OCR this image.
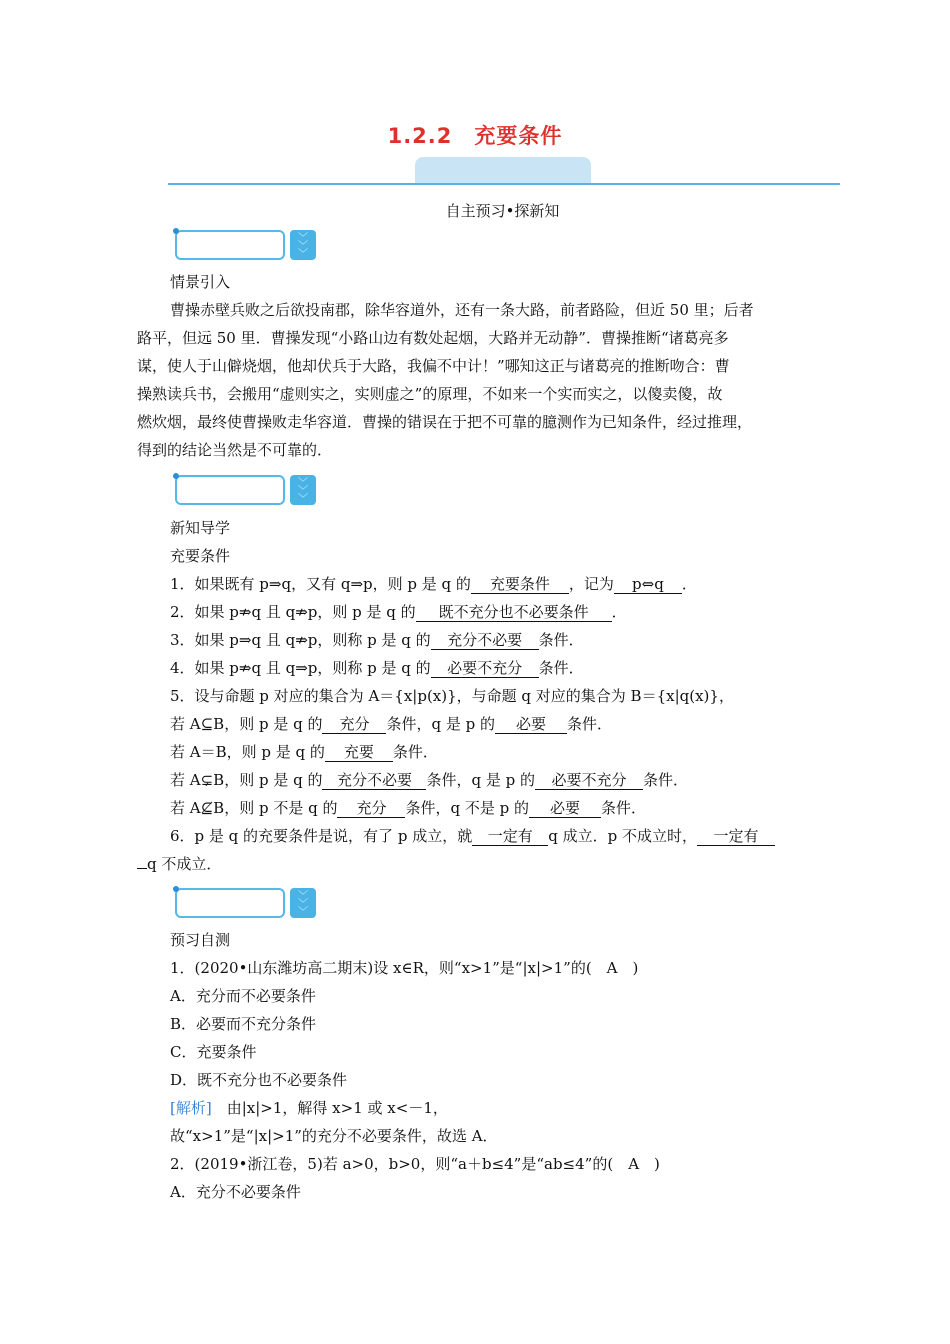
1.2.2　充要条件
自主预习•探新知
﹀
﹀
﹀
情景引入
曹操赤壁兵败之后欲投南郡，除华容道外，还有一条大路，前者路险，但近 50 里；后者
路平，但远 50 里．曹操发现“小路山边有数处起烟，大路并无动静”．曹操推断“诸葛亮多
谋，使人于山僻烧烟，他却伏兵于大路，我偏不中计！”哪知这正与诸葛亮的推断吻合：曹
操熟读兵书，会搬用“虚则实之，实则虚之”的原理，不如来一个实而实之，以傻卖傻，故
燃炊烟，最终使曹操败走华容道．曹操的错误在于把不可靠的臆测作为已知条件，经过推理，
得到的结论当然是不可靠的．
﹀
﹀
﹀
新知导学
充要条件
1．如果既有 p⇒q，又有 q⇒p，则 p 是 q 的 充要条件 ，记为 p⇔q ．
2．如果 p⇏q 且 q⇏p，则 p 是 q 的 既不充分也不必要条件 ．
3．如果 p⇒q 且 q⇏p，则称 p 是 q 的 充分不必要 条件．
4．如果 p⇏q 且 q⇒p，则称 p 是 q 的 必要不充分 条件．
5．设与命题 p 对应的集合为 A＝{x|p(x)}，与命题 q 对应的集合为 B＝{x|q(x)}，
若 A⊆B，则 p 是 q 的 充分 条件，q 是 p 的 必要 条件．
若 A＝B，则 p 是 q 的 充要 条件．
若 A⊊B，则 p 是 q 的 充分不必要 条件，q 是 p 的 必要不充分 条件．
若 A⊈B，则 p 不是 q 的 充分 条件，q 不是 p 的 必要 条件．
6．p 是 q 的充要条件是说，有了 p 成立，就 一定有 q 成立．p 不成立时， 一定有
q 不成立．
﹀
﹀
﹀
预习自测
1．(2020•山东潍坊高二期末)设 x∈R，则“x>1”是“|x|>1”的(　A　)
A．充分而不必要条件
B．必要而不充分条件
C．充要条件
D．既不充分也不必要条件
[解析]　 由|x|>1，解得 x>1 或 x<－1，
故“x>1”是“|x|>1”的充分不必要条件，故选 A．
2．(2019•浙江卷，5)若 a>0，b>0，则“a＋b≤4”是“ab≤4”的(　A　)
A．充分不必要条件
